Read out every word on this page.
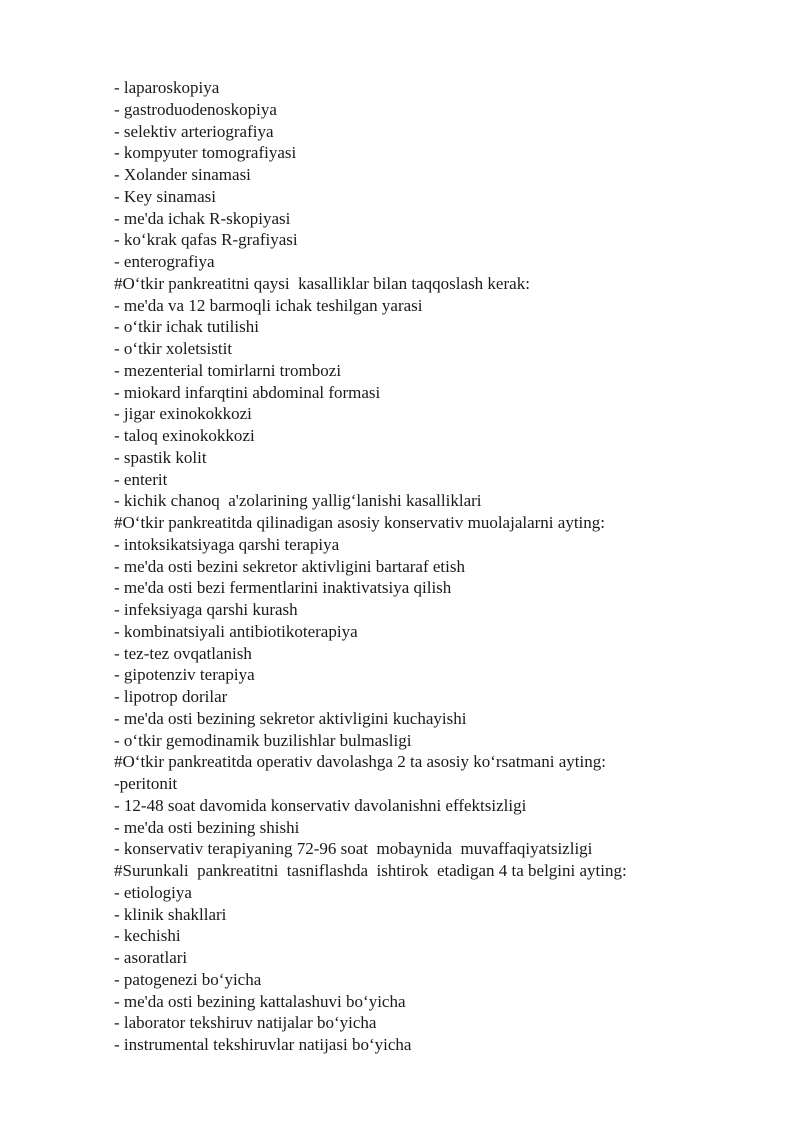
- laparoskopiya
- gastroduodenoskopiya
- selektiv arteriografiya
- kompyuter tomografiyasi
- Xolander sinamasi
- Key sinamasi
- me'da ichak R-skopiyasi
- ko‘krak qafas R-grafiyasi
- enterografiya
#O‘tkir pankreatitni qaysi  kasalliklar bilan taqqoslash kerak:
- me'da va 12 barmoqli ichak teshilgan yarasi
- o‘tkir ichak tutilishi
- o‘tkir xoletsistit
- mezenterial tomirlarni trombozi
- miokard infarqtini abdominal formasi
- jigar exinokokkozi
- taloq exinokokkozi
- spastik kolit
- enterit
- kichik chanoq  a'zolarining yallig‘lanishi kasalliklari
#O‘tkir pankreatitda qilinadigan asosiy konservativ muolajalarni ayting:
- intoksikatsiyaga qarshi terapiya
- me'da osti bezini sekretor aktivligini bartaraf etish
- me'da osti bezi fermentlarini inaktivatsiya qilish
- infeksiyaga qarshi kurash
- kombinatsiyali antibiotikoterapiya
- tez-tez ovqatlanish
- gipotenziv terapiya
- lipotrop dorilar
- me'da osti bezining sekretor aktivligini kuchayishi
- o‘tkir gemodinamik buzilishlar bulmasligi
#O‘tkir pankreatitda operativ davolashga 2 ta asosiy ko‘rsatmani ayting:
-peritonit
- 12-48 soat davomida konservativ davolanishni effektsizligi
- me'da osti bezining shishi
- konservativ terapiyaning 72-96 soat  mobaynida  muvaffaqiyatsizligi
#Surunkali  pankreatitni  tasniflashda  ishtirok  etadigan 4 ta belgini ayting:
- etiologiya
- klinik shakllari
- kechishi
- asoratlari
- patogenezi bo‘yicha
- me'da osti bezining kattalashuvi bo‘yicha
- laborator tekshiruv natijalar bo‘yicha
- instrumental tekshiruvlar natijasi bo‘yicha
